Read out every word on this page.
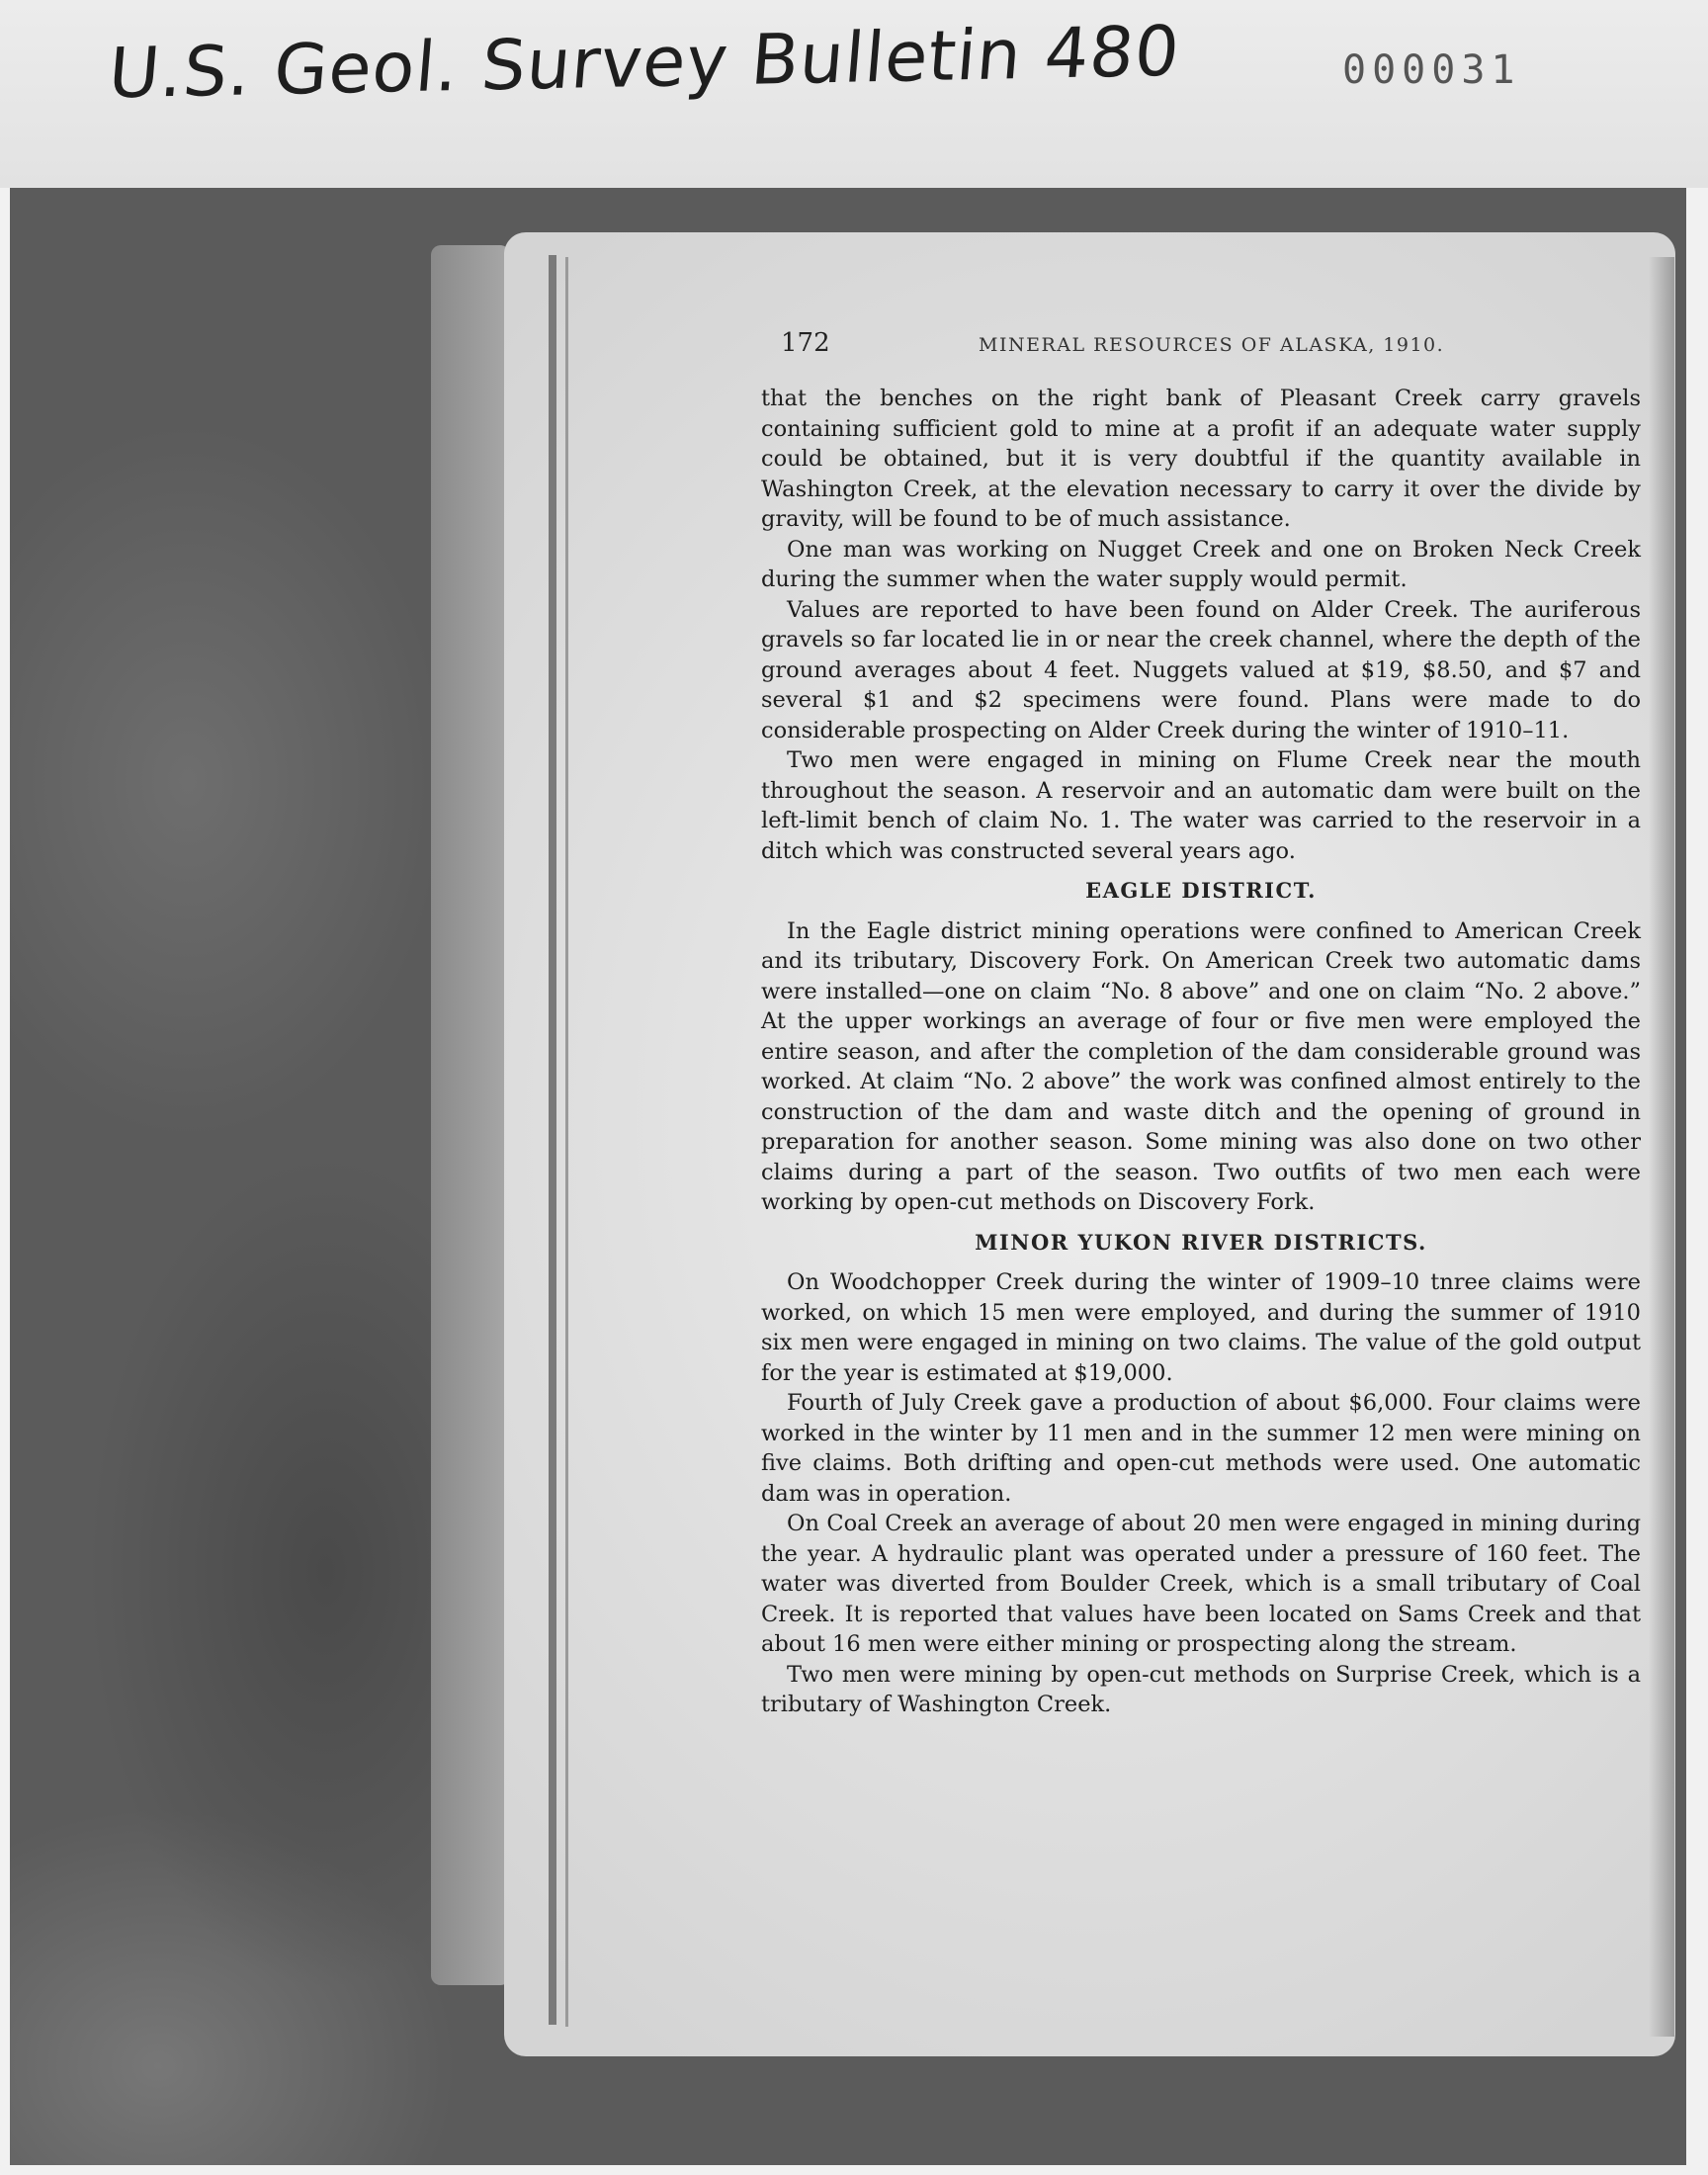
U.S. Geol. Survey Bulletin 480	000031
172	MINERAL RESOURCES OF ALASKA, 1910.

that the benches on the right bank of Pleasant Creek carry gravels containing sufficient gold to mine at a profit if an adequate water supply could be obtained, but it is very doubtful if the quantity available in Washington Creek, at the elevation necessary to carry it over the divide by gravity, will be found to be of much assistance.

One man was working on Nugget Creek and one on Broken Neck Creek during the summer when the water supply would permit.

Values are reported to have been found on Alder Creek. The auriferous gravels so far located lie in or near the creek channel, where the depth of the ground averages about 4 feet. Nuggets valued at $19, $8.50, and $7 and several $1 and $2 specimens were found. Plans were made to do considerable prospecting on Alder Creek during the winter of 1910–11.

Two men were engaged in mining on Flume Creek near the mouth throughout the season. A reservoir and an automatic dam were built on the left-limit bench of claim No. 1. The water was carried to the reservoir in a ditch which was constructed several years ago.

EAGLE DISTRICT.

In the Eagle district mining operations were confined to American Creek and its tributary, Discovery Fork. On American Creek two automatic dams were installed—one on claim “No. 8 above” and one on claim “No. 2 above.” At the upper workings an average of four or five men were employed the entire season, and after the completion of the dam considerable ground was worked. At claim “No. 2 above” the work was confined almost entirely to the construction of the dam and waste ditch and the opening of ground in preparation for another season. Some mining was also done on two other claims during a part of the season. Two outfits of two men each were working by open-cut methods on Discovery Fork.

MINOR YUKON RIVER DISTRICTS.

On Woodchopper Creek during the winter of 1909–10 tnree claims were worked, on which 15 men were employed, and during the summer of 1910 six men were engaged in mining on two claims. The value of the gold output for the year is estimated at $19,000.

Fourth of July Creek gave a production of about $6,000. Four claims were worked in the winter by 11 men and in the summer 12 men were mining on five claims. Both drifting and open-cut methods were used. One automatic dam was in operation.

On Coal Creek an average of about 20 men were engaged in mining during the year. A hydraulic plant was operated under a pressure of 160 feet. The water was diverted from Boulder Creek, which is a small tributary of Coal Creek. It is reported that values have been located on Sams Creek and that about 16 men were either mining or prospecting along the stream.

Two men were mining by open-cut methods on Surprise Creek, which is a tributary of Washington Creek.
